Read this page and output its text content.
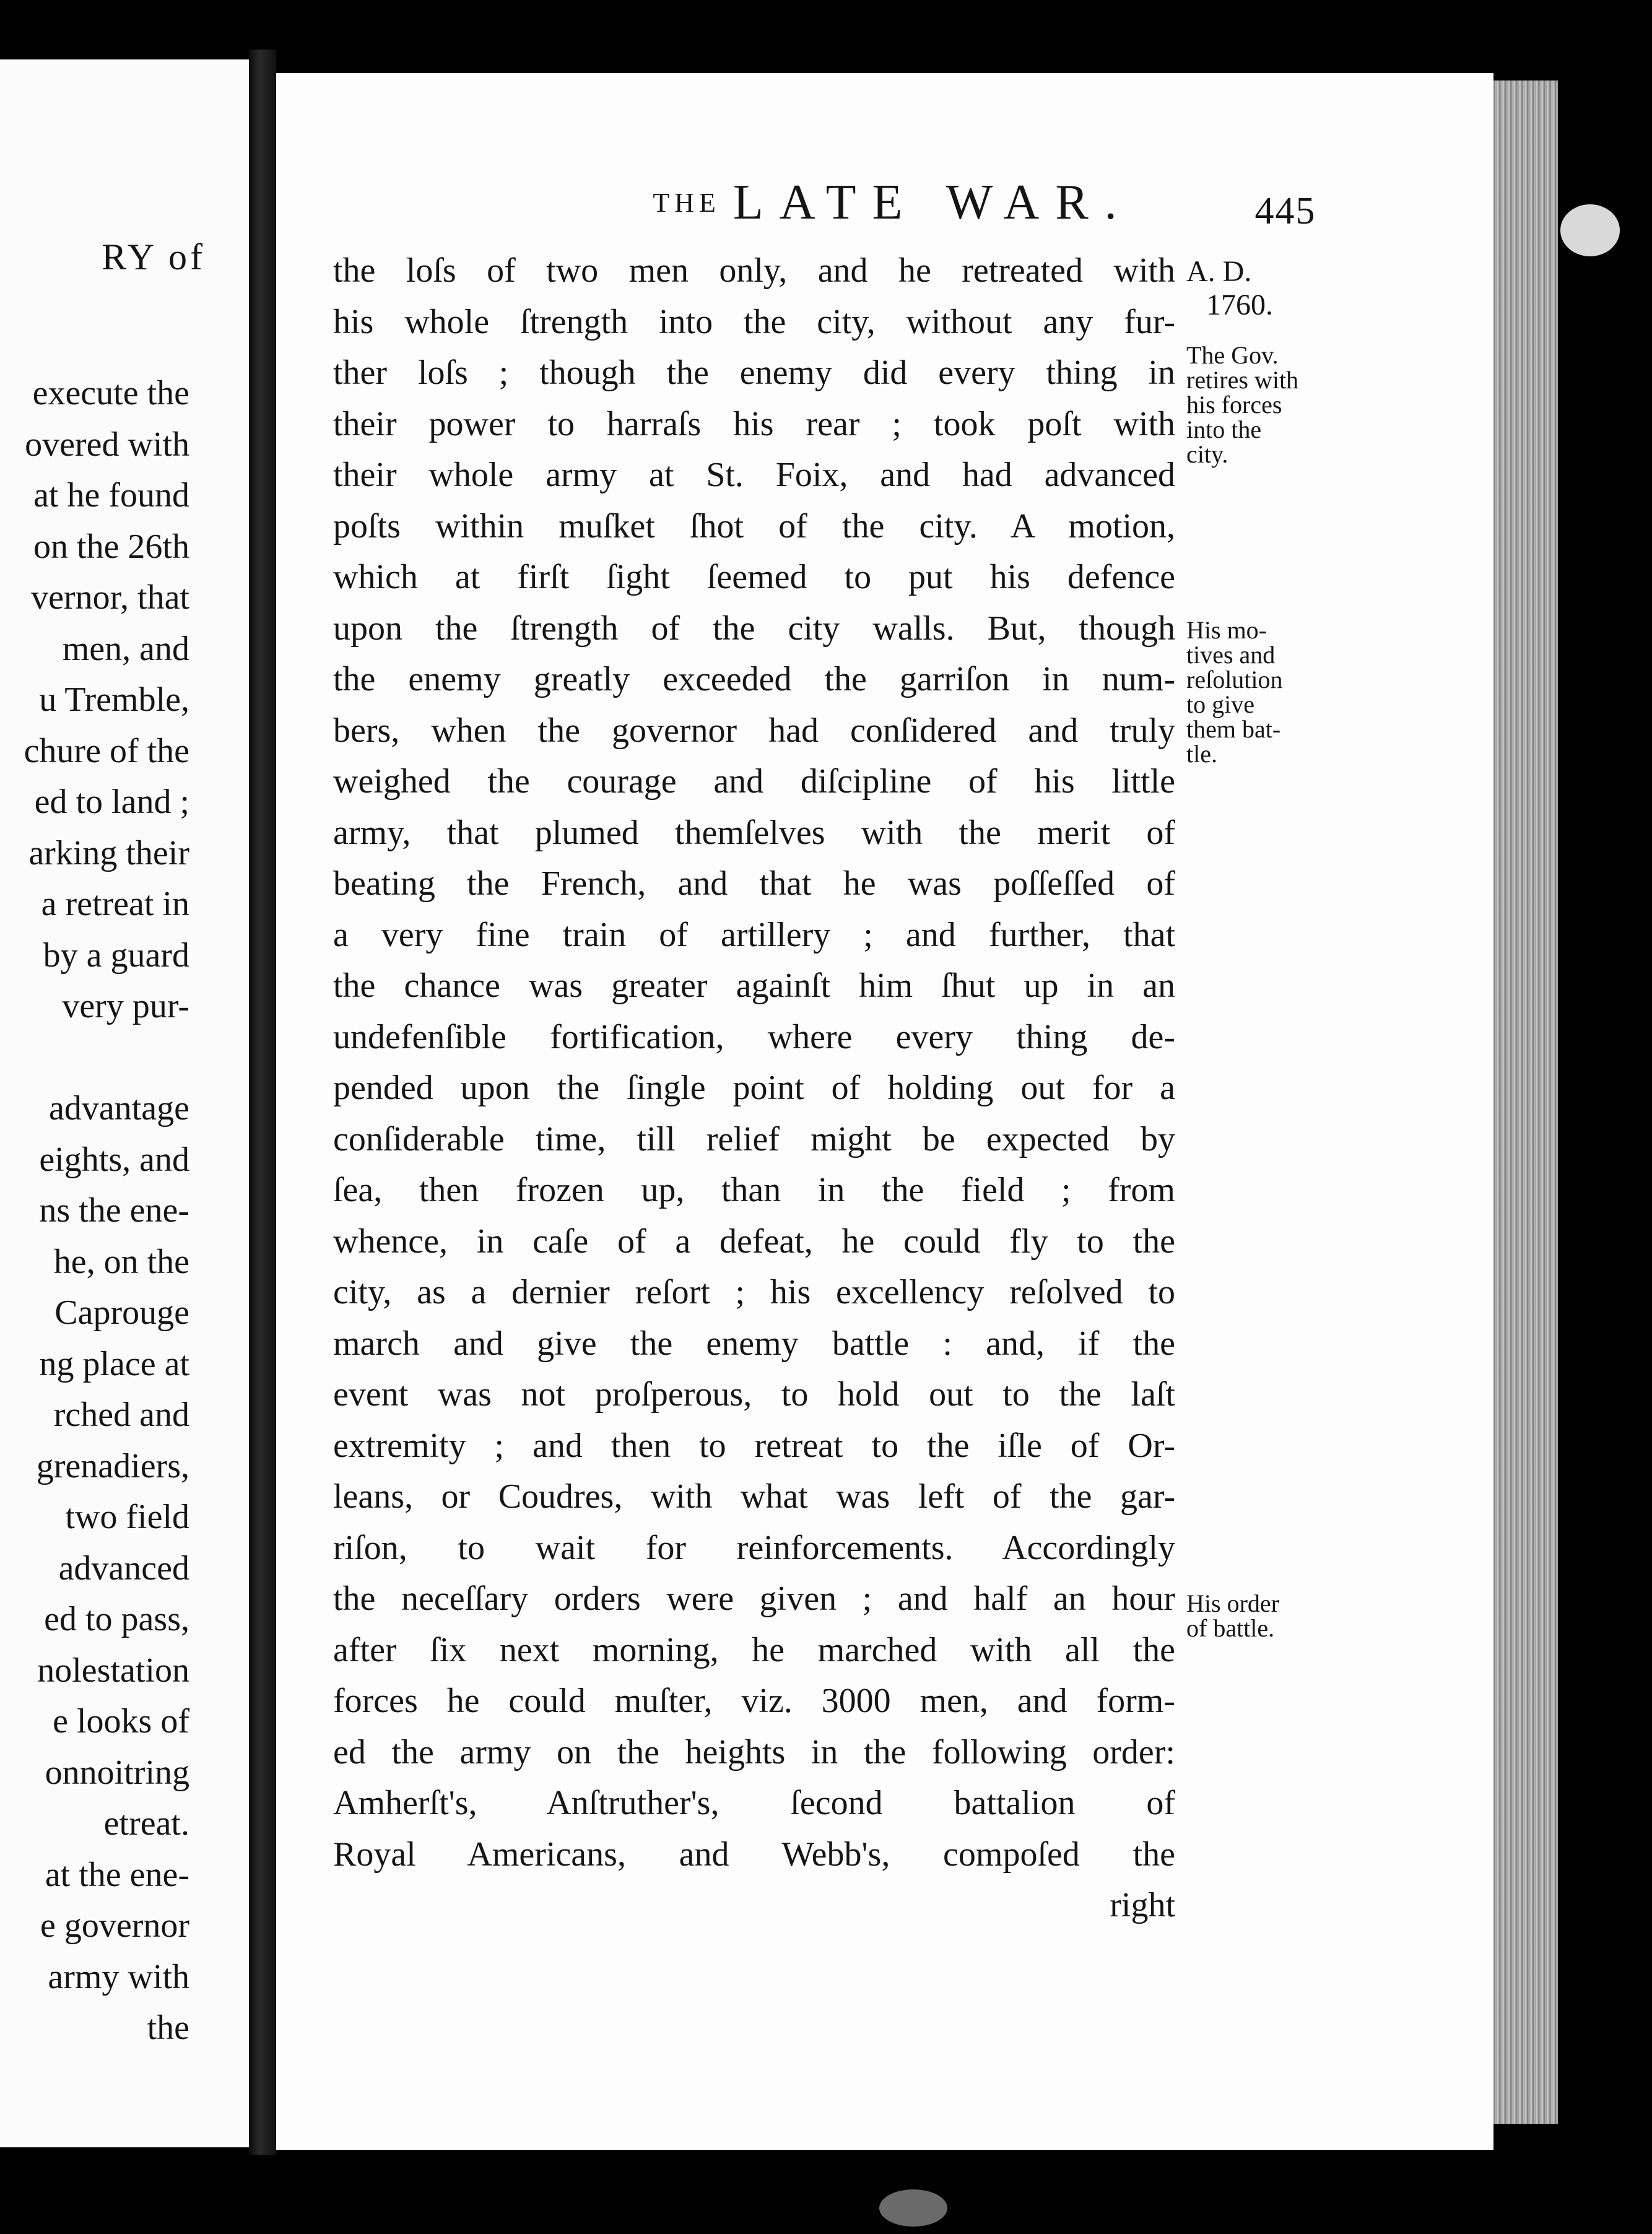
RY of
execute the
overed with
at he found
on the 26th
vernor, that
men, and
u Tremble,
chure of the
ed to land ;
arking their
a retreat in
by a guard
very pur-
advantage
eights, and
ns the ene-
he, on the
Caprouge
ng place at
rched and
grenadiers,
two field
advanced
ed to pass,
nolestation
e looks of
onnoitring
etreat.
at the ene-
e governor
army with
the
THE LATE WAR.	445
the loſs of two men only, and he retreated with
his whole ſtrength into the city, without any fur-
ther loſs ; though the enemy did every thing in
their power to harraſs his rear ; took poſt with
their whole army at St. Foix, and had advanced
poſts within muſket ſhot of the city. A motion,
which at firſt ſight ſeemed to put his defence
upon the ſtrength of the city walls. But, though
the enemy greatly exceeded the garriſon in num-
bers, when the governor had conſidered and truly
weighed the courage and diſcipline of his little
army, that plumed themſelves with the merit of
beating the French, and that he was poſſeſſed of
a very fine train of artillery ; and further, that
the chance was greater againſt him ſhut up in an
undefenſible fortification, where every thing de-
pended upon the ſingle point of holding out for a
conſiderable time, till relief might be expected by
ſea, then frozen up, than in the field ; from
whence, in caſe of a defeat, he could fly to the
city, as a dernier reſort ; his excellency reſolved to
march and give the enemy battle : and, if the
event was not proſperous, to hold out to the laſt
extremity ; and then to retreat to the iſle of Or-
leans, or Coudres, with what was left of the gar-
riſon, to wait for reinforcements. Accordingly
the neceſſary orders were given ; and half an hour
after ſix next morning, he marched with all the
forces he could muſter, viz. 3000 men, and form-
ed the army on the heights in the following order:
Amherſt's, Anſtruther's, ſecond battalion of
Royal Americans, and Webb's, compoſed the
right
A. D.
1760.
The Gov.
retires with
his forces
into the
city.
His mo-
tives and
reſolution
to give
them bat-
tle.
His order
of battle.
